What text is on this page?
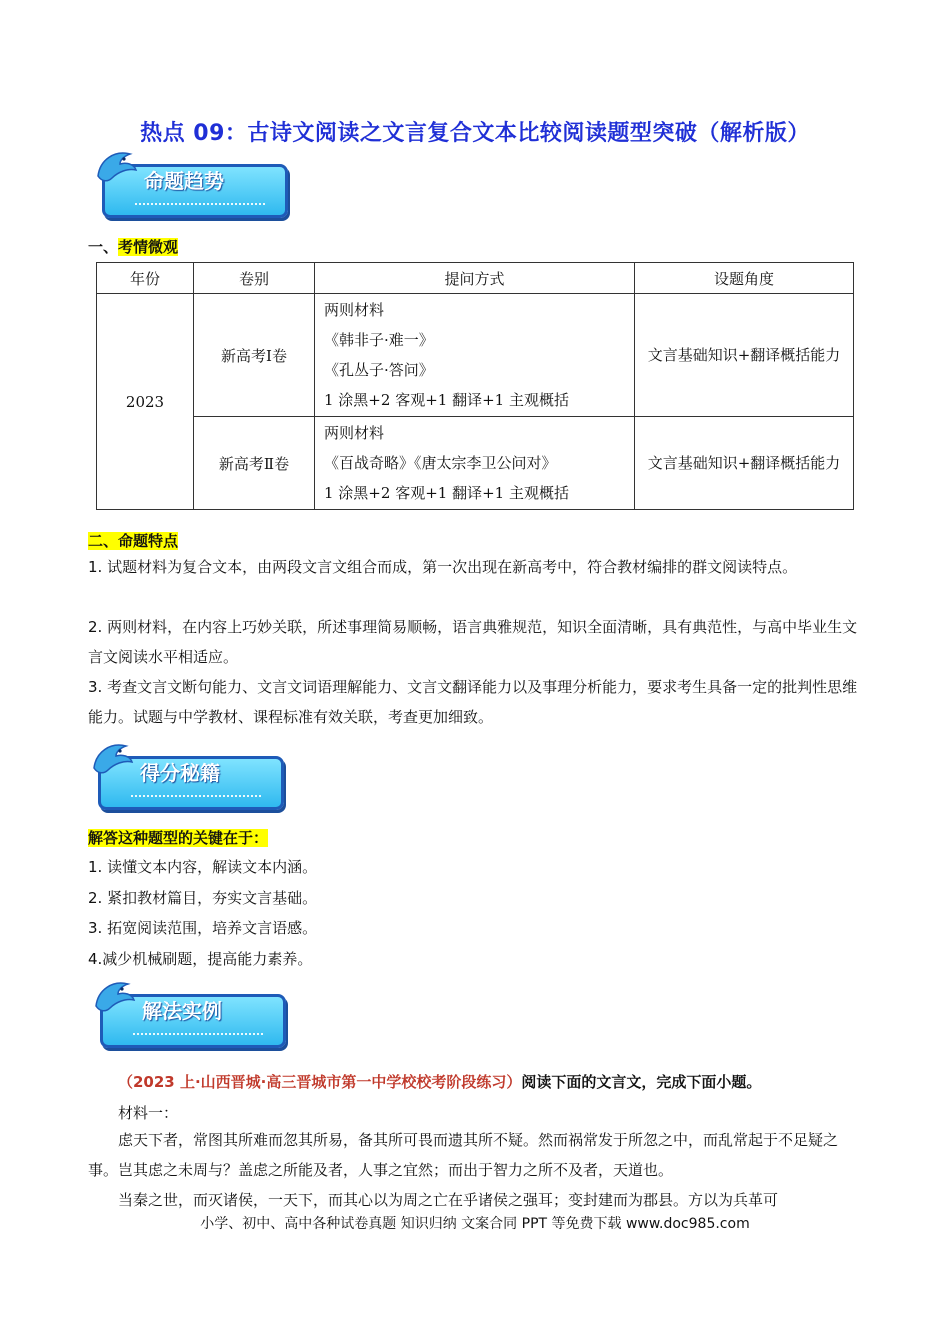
热点 09：古诗文阅读之文言复合文本比较阅读题型突破（解析版）
命题趋势
一、考情微观
年份	卷别	提问方式	设题角度
2023	新高考Ⅰ卷	两则材料
《韩非子·难一》
《孔丛子·答问》
1 涂黑+2 客观+1 翻译+1 主观概括	文言基础知识+翻译概括能力
	新高考Ⅱ卷	两则材料
《百战奇略》《唐太宗李卫公问对》
1 涂黑+2 客观+1 翻译+1 主观概括	文言基础知识+翻译概括能力
二、命题特点
1. 试题材料为复合文本，由两段文言文组合而成，第一次出现在新高考中，符合教材编排的群文阅读特点。
2. 两则材料，在内容上巧妙关联，所述事理简易顺畅，语言典雅规范，知识全面清晰，具有典范性，与高中毕业生文言文阅读水平相适应。
3. 考查文言文断句能力、文言文词语理解能力、文言文翻译能力以及事理分析能力，要求考生具备一定的批判性思维能力。试题与中学教材、课程标准有效关联，考查更加细致。
得分秘籍
解答这种题型的关键在于：
1. 读懂文本内容，解读文本内涵。
2. 紧扣教材篇目，夯实文言基础。
3. 拓宽阅读范围，培养文言语感。
4.减少机械刷题，提高能力素养。
解法实例
（2023 上·山西晋城·高三晋城市第一中学校校考阶段练习）阅读下面的文言文，完成下面小题。
材料一：
虑天下者，常图其所难而忽其所易，备其所可畏而遗其所不疑。然而祸常发于所忽之中，而乱常起于不足疑之事。岂其虑之未周与？盖虑之所能及者，人事之宜然；而出于智力之所不及者，天道也。
当秦之世，而灭诸侯，一天下，而其心以为周之亡在乎诸侯之强耳；变封建而为郡县。方以为兵革可
小学、初中、高中各种试卷真题 知识归纳 文案合同 PPT 等免费下载 www.doc985.com
